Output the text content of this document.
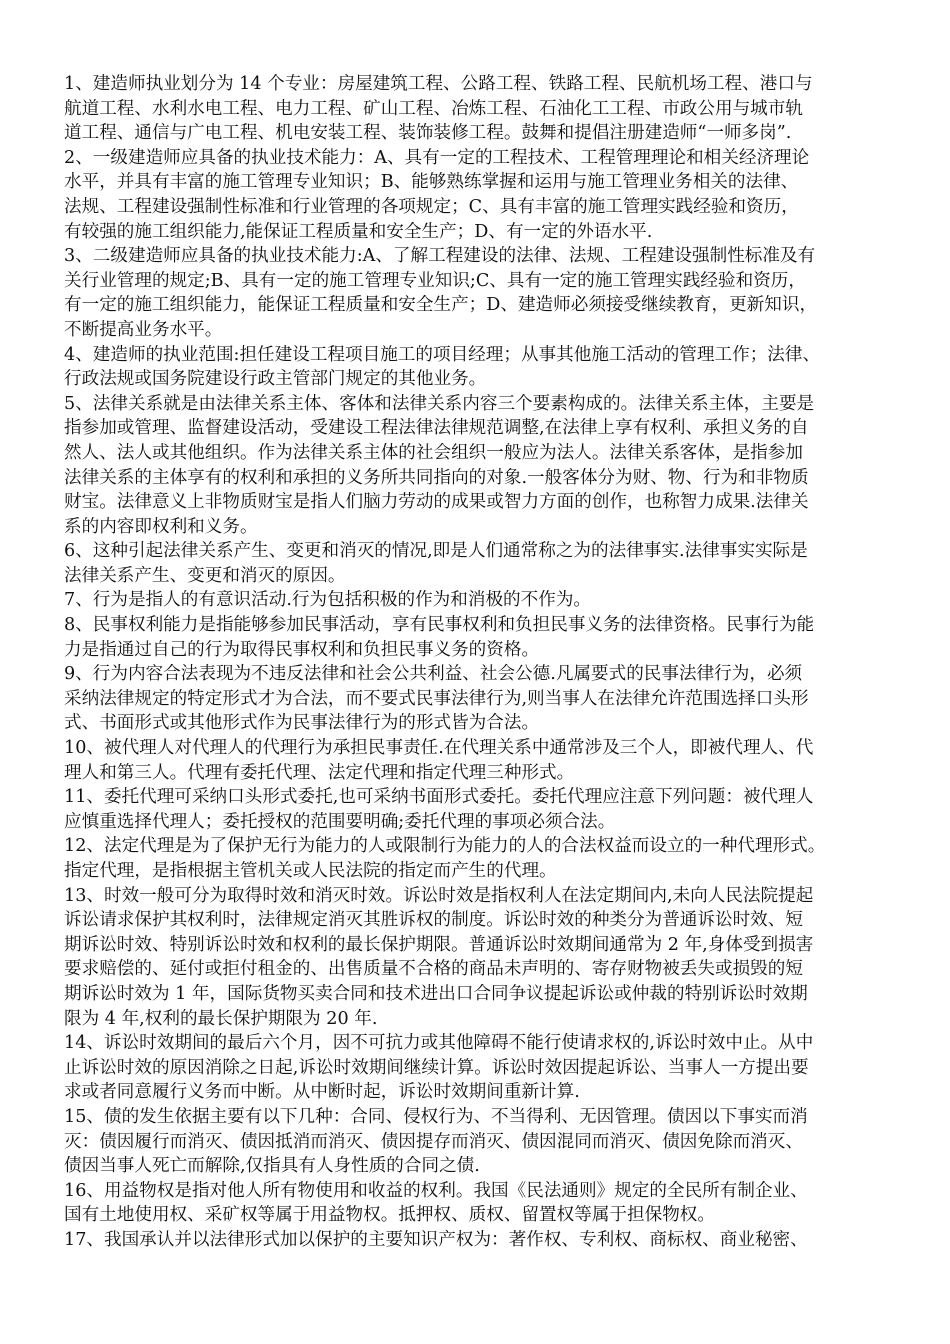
1、建造师执业划分为 14 个专业：房屋建筑工程、公路工程、铁路工程、民航机场工程、港口与
航道工程、水利水电工程、电力工程、矿山工程、冶炼工程、石油化工工程、市政公用与城市轨
道工程、通信与广电工程、机电安装工程、装饰装修工程。鼓舞和提倡注册建造师“一师多岗”.
2、一级建造师应具备的执业技术能力：A、具有一定的工程技术、工程管理理论和相关经济理论
水平，并具有丰富的施工管理专业知识；B、能够熟练掌握和运用与施工管理业务相关的法律、
法规、工程建设强制性标准和行业管理的各项规定；C、具有丰富的施工管理实践经验和资历，
有较强的施工组织能力,能保证工程质量和安全生产；D、有一定的外语水平.
3、二级建造师应具备的执业技术能力:A、了解工程建设的法律、法规、工程建设强制性标准及有
关行业管理的规定;B、具有一定的施工管理专业知识;C、具有一定的施工管理实践经验和资历，
有一定的施工组织能力，能保证工程质量和安全生产；D、建造师必须接受继续教育，更新知识，
不断提高业务水平。
4、建造师的执业范围:担任建设工程项目施工的项目经理；从事其他施工活动的管理工作；法律、
行政法规或国务院建设行政主管部门规定的其他业务。
5、法律关系就是由法律关系主体、客体和法律关系内容三个要素构成的。法律关系主体，主要是
指参加或管理、监督建设活动，受建设工程法律法律规范调整,在法律上享有权利、承担义务的自
然人、法人或其他组织。作为法律关系主体的社会组织一般应为法人。法律关系客体，是指参加
法律关系的主体享有的权利和承担的义务所共同指向的对象.一般客体分为财、物、行为和非物质
财宝。法律意义上非物质财宝是指人们脑力劳动的成果或智力方面的创作，也称智力成果.法律关
系的内容即权利和义务。
6、这种引起法律关系产生、变更和消灭的情况,即是人们通常称之为的法律事实.法律事实实际是
法律关系产生、变更和消灭的原因。
7、行为是指人的有意识活动.行为包括积极的作为和消极的不作为。
8、民事权利能力是指能够参加民事活动，享有民事权利和负担民事义务的法律资格。民事行为能
力是指通过自己的行为取得民事权利和负担民事义务的资格。
9、行为内容合法表现为不违反法律和社会公共利益、社会公德.凡属要式的民事法律行为，必须
采纳法律规定的特定形式才为合法，而不要式民事法律行为,则当事人在法律允许范围选择口头形
式、书面形式或其他形式作为民事法律行为的形式皆为合法。
10、被代理人对代理人的代理行为承担民事责任.在代理关系中通常涉及三个人，即被代理人、代
理人和第三人。代理有委托代理、法定代理和指定代理三种形式。
11、委托代理可采纳口头形式委托,也可采纳书面形式委托。委托代理应注意下列问题：被代理人
应慎重选择代理人；委托授权的范围要明确;委托代理的事项必须合法。
12、法定代理是为了保护无行为能力的人或限制行为能力的人的合法权益而设立的一种代理形式。
指定代理，是指根据主管机关或人民法院的指定而产生的代理。
13、时效一般可分为取得时效和消灭时效。诉讼时效是指权利人在法定期间内,未向人民法院提起
诉讼请求保护其权利时，法律规定消灭其胜诉权的制度。诉讼时效的种类分为普通诉讼时效、短
期诉讼时效、特别诉讼时效和权利的最长保护期限。普通诉讼时效期间通常为 2 年,身体受到损害
要求赔偿的、延付或拒付租金的、出售质量不合格的商品未声明的、寄存财物被丢失或损毁的短
期诉讼时效为 1 年，国际货物买卖合同和技术进出口合同争议提起诉讼或仲裁的特别诉讼时效期
限为 4 年,权利的最长保护期限为 20 年.
14、诉讼时效期间的最后六个月，因不可抗力或其他障碍不能行使请求权的,诉讼时效中止。从中
止诉讼时效的原因消除之日起,诉讼时效期间继续计算。诉讼时效因提起诉讼、当事人一方提出要
求或者同意履行义务而中断。从中断时起，诉讼时效期间重新计算.
15、债的发生依据主要有以下几种：合同、侵权行为、不当得利、无因管理。债因以下事实而消
灭：债因履行而消灭、债因抵消而消灭、债因提存而消灭、债因混同而消灭、债因免除而消灭、
债因当事人死亡而解除,仅指具有人身性质的合同之债.
16、用益物权是指对他人所有物使用和收益的权利。我国《民法通则》规定的全民所有制企业、
国有土地使用权、采矿权等属于用益物权。抵押权、质权、留置权等属于担保物权。
17、我国承认并以法律形式加以保护的主要知识产权为：著作权、专利权、商标权、商业秘密、
